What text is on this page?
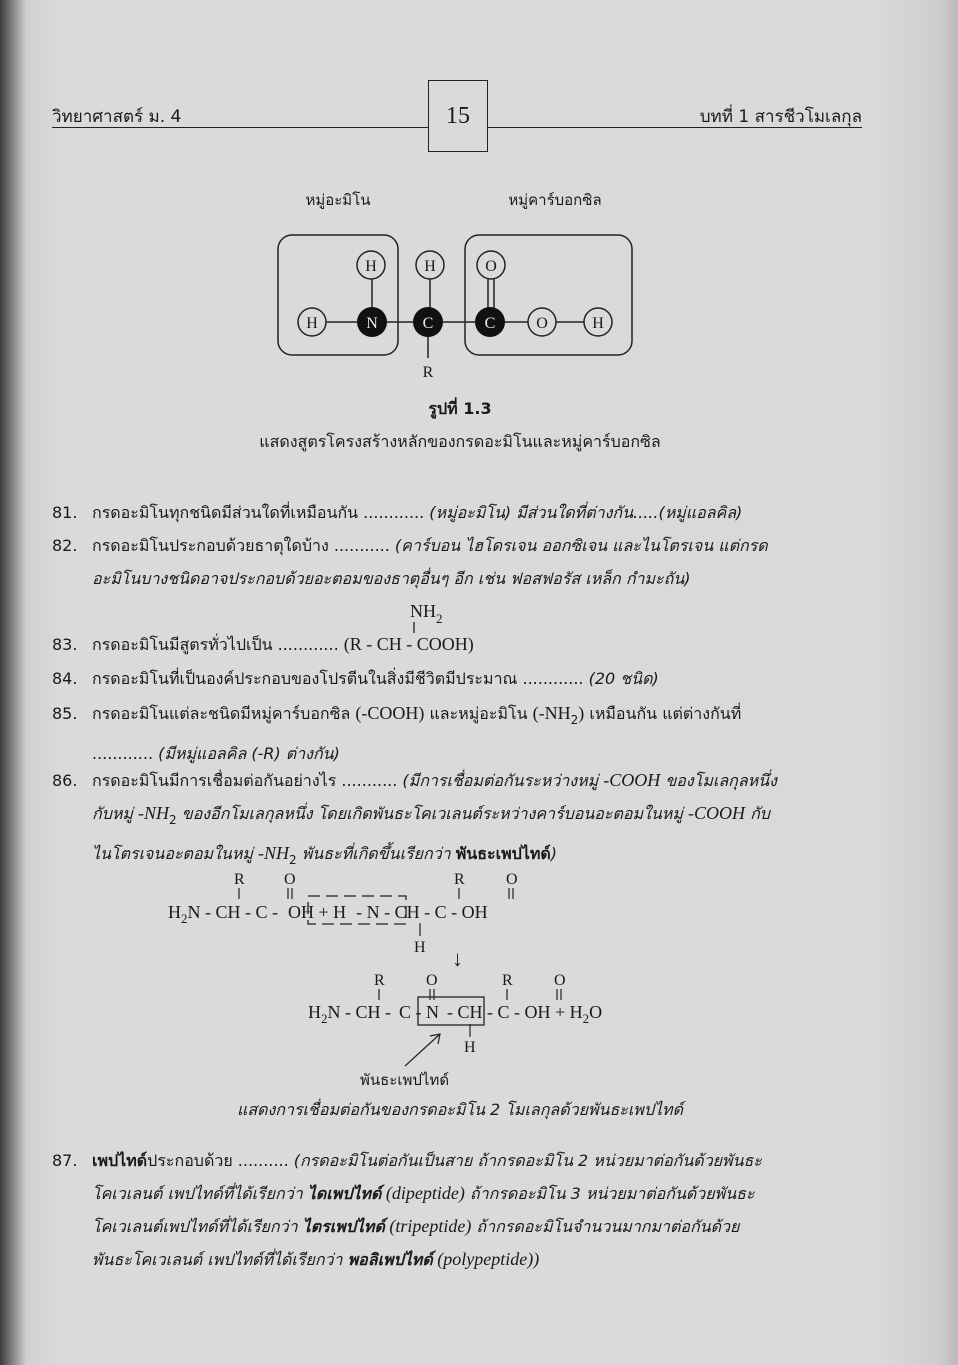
วิทยาศาสตร์ ม. 4	บทที่ 1 สารชีวโมเลกุล
15
หมู่อะมิโน	หมู่คาร์บอกซิล
H
H	H	O
N	C	C	O	H
R
$NH_2$
$H_2N$ - CH - C - OH + H - N - CH - C - OH
R O	R	O
H ↓
$H_2N$ - CH - C - N - CH - C - OH + $H_2O$
R	O	R	O
H
พันธะเพปไทด์
รูปที่ 1.3
แสดงสูตรโครงสร้างหลักของกรดอะมิโนและหมู่คาร์บอกซิล
แสดงการเชื่อมต่อกันของกรดอะมิโน 2 โมเลกุลด้วยพันธะเพปไทด์
81. กรดอะมิโนทุกชนิดมีส่วนใดที่เหมือนกัน ............ (หมู่อะมิโน) มีส่วนใดที่ต่างกัน.....(หมู่แอลคิล)
82. กรดอะมิโนประกอบด้วยธาตุใดบ้าง ........... (คาร์บอน ไฮโดรเจน ออกซิเจน และไนโตรเจน แต่กรด
อะมิโนบางชนิดอาจประกอบด้วยอะตอมของธาตุอื่นๆ อีก เช่น ฟอสฟอรัส เหล็ก กำมะถัน)
83. กรดอะมิโนมีสูตรทั่วไปเป็น ............ (R - CH - COOH)
84. กรดอะมิโนที่เป็นองค์ประกอบของโปรตีนในสิ่งมีชีวิตมีประมาณ ............ (20 ชนิด)
85. กรดอะมิโนแต่ละชนิดมีหมู่คาร์บอกซิล (-COOH) และหมู่อะมิโน $(-NH_2)$ เหมือนกัน แต่ต่างกันที่
............ (มีหมู่แอลคิล (-R) ต่างกัน)
86. กรดอะมิโนมีการเชื่อมต่อกันอย่างไร ........... (มีการเชื่อมต่อกันระหว่างหมู่ -COOH ของโมเลกุลหนึ่ง
กับหมู่ $-NH_2$ ของอีกโมเลกุลหนึ่ง โดยเกิดพันธะโคเวเลนต์ระหว่างคาร์บอนอะตอมในหมู่ -COOH กับ
ไนโตรเจนอะตอมในหมู่ $-NH_2$ พันธะที่เกิดขึ้นเรียกว่า พันธะเพปไทด์)
87. เพปไทด์ประกอบด้วย .......... (กรดอะมิโนต่อกันเป็นสาย ถ้ากรดอะมิโน 2 หน่วยมาต่อกันด้วยพันธะ
โคเวเลนต์ เพปไทด์ที่ได้เรียกว่า ไดเพปไทด์ (dipeptide) ถ้ากรดอะมิโน 3 หน่วยมาต่อกันด้วยพันธะ
โคเวเลนต์เพปไทด์ที่ได้เรียกว่า ไตรเพปไทด์ (tripeptide) ถ้ากรดอะมิโนจำนวนมากมาต่อกันด้วย
พันธะโคเวเลนต์ เพปไทด์ที่ได้เรียกว่า พอลิเพปไทด์ (polypeptide))
